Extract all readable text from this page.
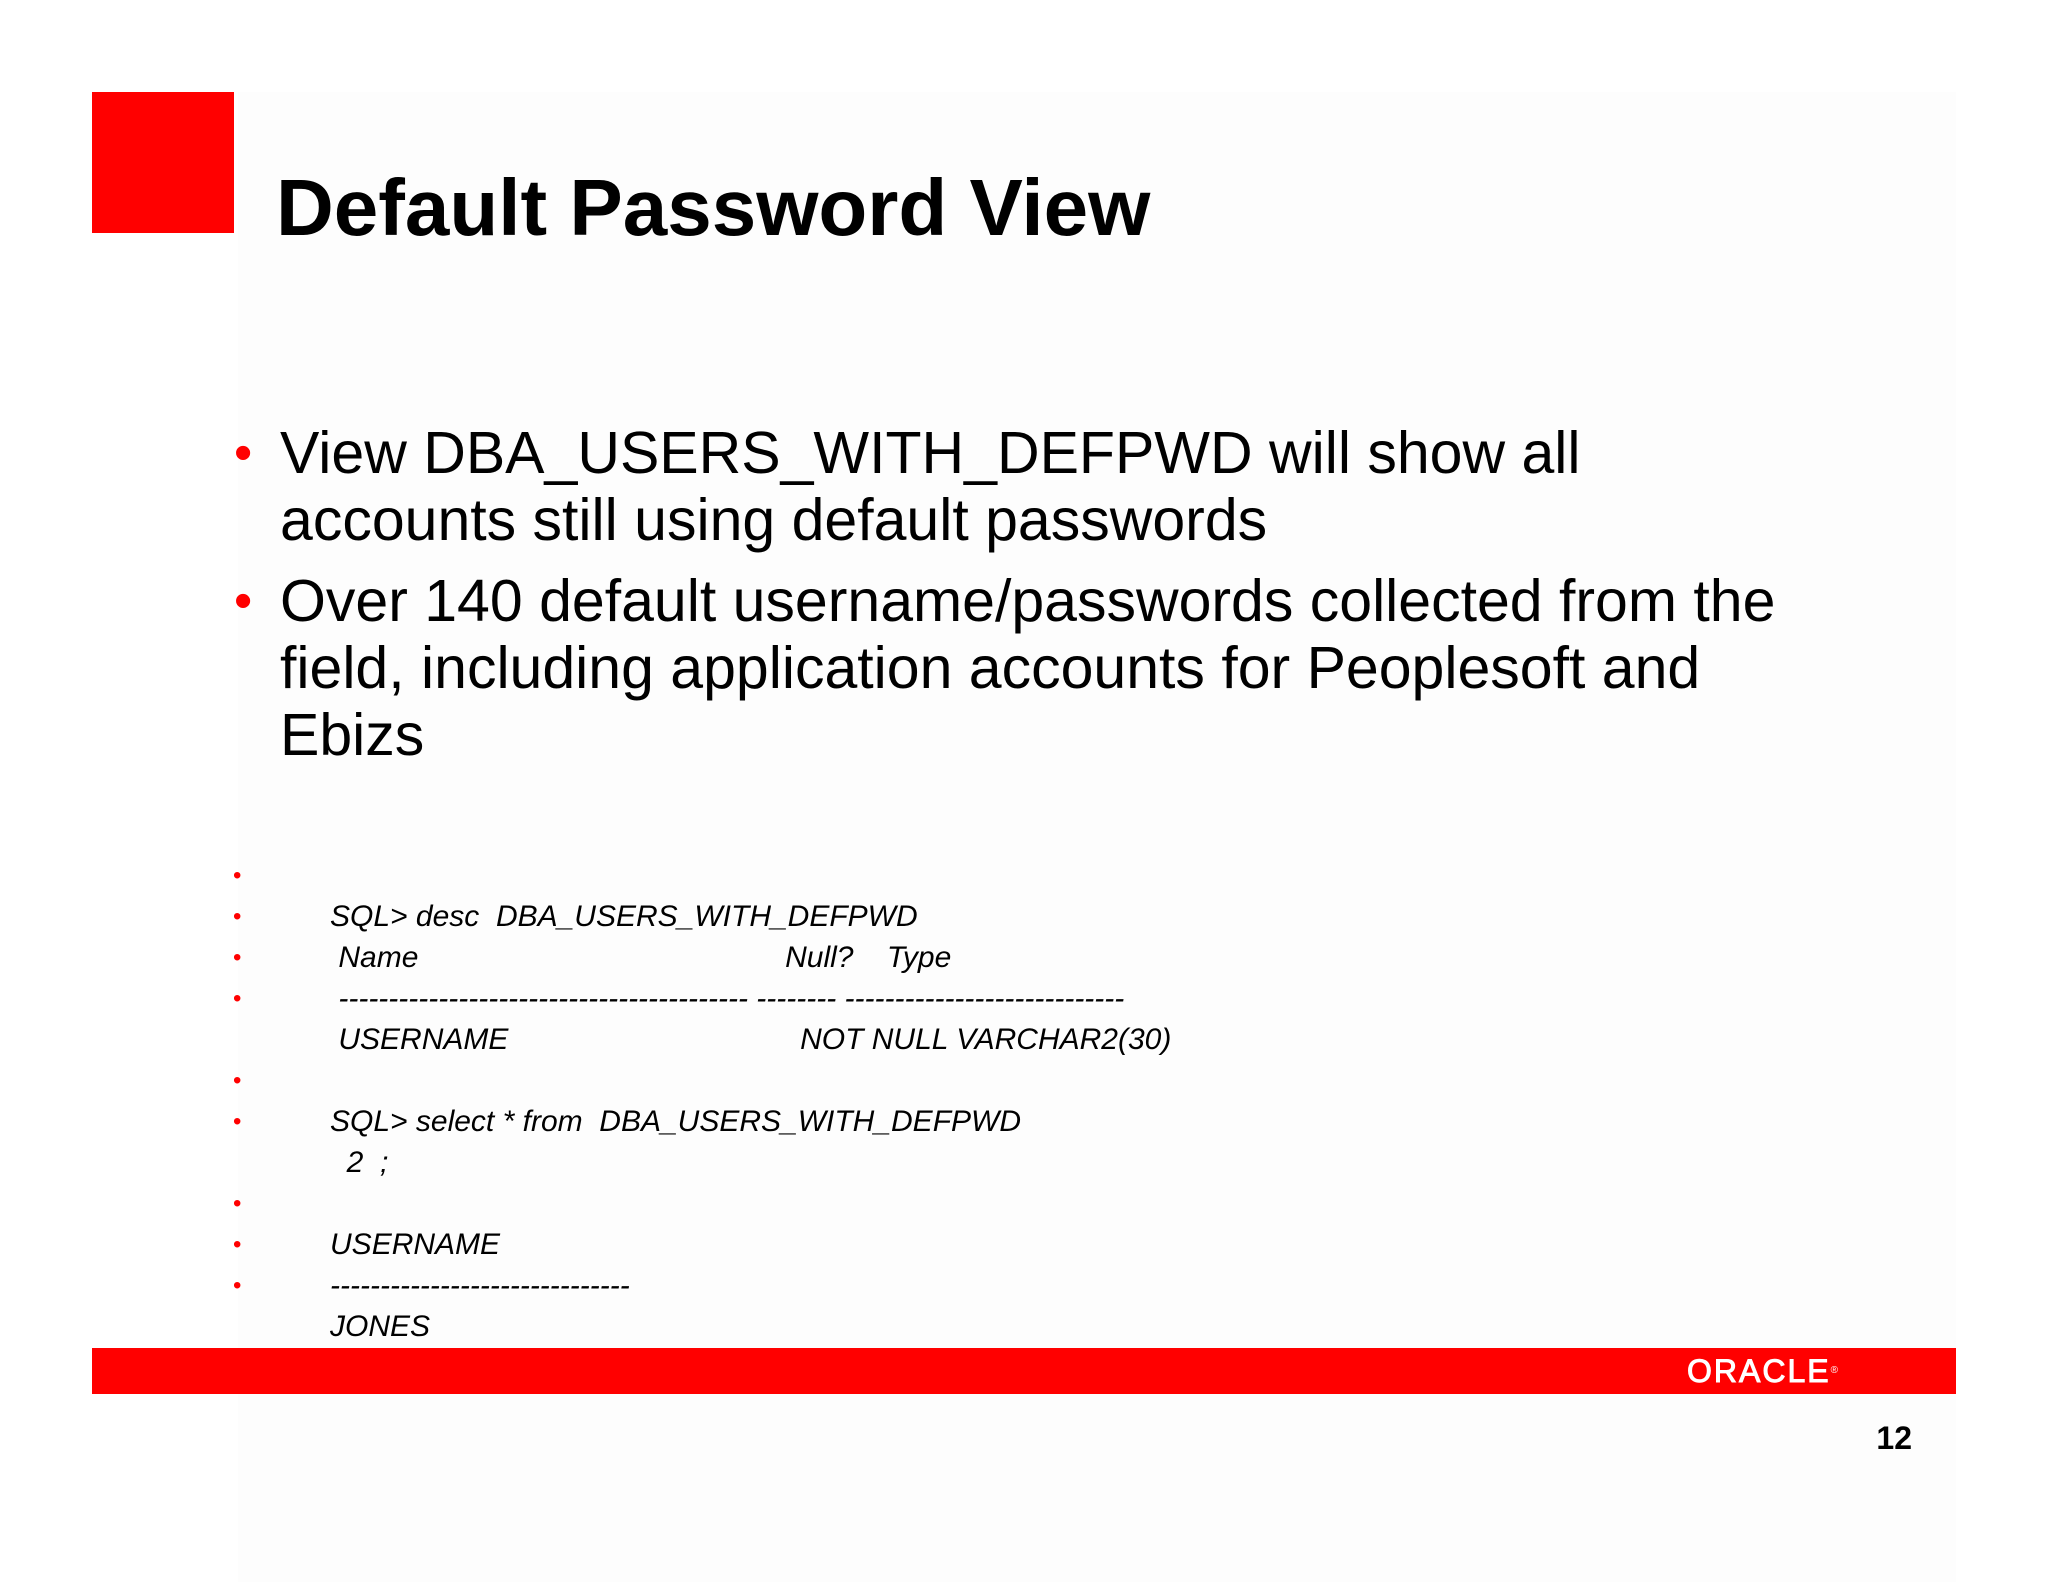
Default Password View
• View DBA_USERS_WITH_DEFPWD will show all accounts still using default passwords
• Over 140 default username/passwords collected from the field, including application accounts for Peoplesoft and Ebizs

•
SQL> desc  DBA_USERS_WITH_DEFPWD

•
Name                                            Null?    Type

•
----------------------------------------- -------- ----------------------------

•
USERNAME                                   NOT NULL VARCHAR2(30)

•
SQL> select * from  DBA_USERS_WITH_DEFPWD

•
2  ;

•
USERNAME

•
------------------------------

•
JONES

ORACLE®
12
